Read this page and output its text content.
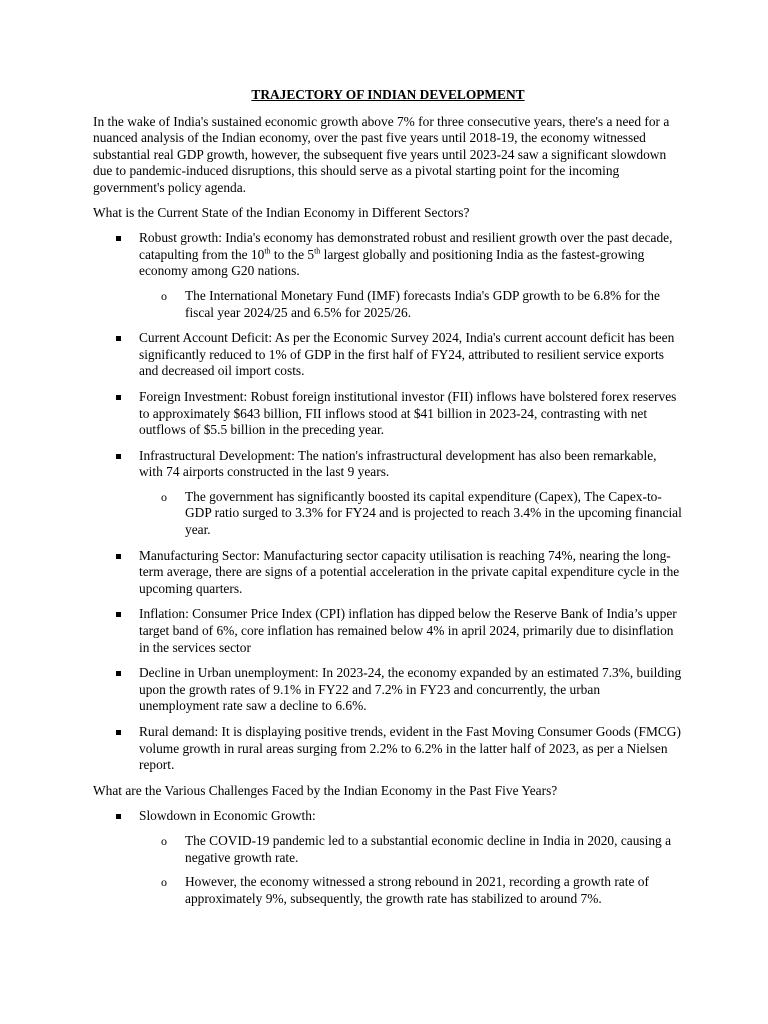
TRAJECTORY OF INDIAN DEVELOPMENT

In the wake of India's sustained economic growth above 7% for three consecutive years, there's a need for a nuanced analysis of the Indian economy, over the past five years until 2018-19, the economy witnessed substantial real GDP growth, however, the subsequent five years until 2023-24 saw a significant slowdown due to pandemic-induced disruptions, this should serve as a pivotal starting point for the incoming government's policy agenda.

What is the Current State of the Indian Economy in Different Sectors?

Robust growth: India's economy has demonstrated robust and resilient growth over the past decade, catapulting from the 10th to the 5th largest globally and positioning India as the fastest-growing economy among G20 nations.
o The International Monetary Fund (IMF) forecasts India's GDP growth to be 6.8% for the fiscal year 2024/25 and 6.5% for 2025/26.
Current Account Deficit: As per the Economic Survey 2024, India's current account deficit has been significantly reduced to 1% of GDP in the first half of FY24, attributed to resilient service exports and decreased oil import costs.
Foreign Investment: Robust foreign institutional investor (FII) inflows have bolstered forex reserves to approximately $643 billion, FII inflows stood at $41 billion in 2023-24, contrasting with net outflows of $5.5 billion in the preceding year.
Infrastructural Development: The nation's infrastructural development has also been remarkable, with 74 airports constructed in the last 9 years.
o The government has significantly boosted its capital expenditure (Capex), The Capex-to-GDP ratio surged to 3.3% for FY24 and is projected to reach 3.4% in the upcoming financial year.
Manufacturing Sector: Manufacturing sector capacity utilisation is reaching 74%, nearing the long-term average, there are signs of a potential acceleration in the private capital expenditure cycle in the upcoming quarters.
Inflation: Consumer Price Index (CPI) inflation has dipped below the Reserve Bank of India’s upper target band of 6%, core inflation has remained below 4% in april 2024, primarily due to disinflation in the services sector
Decline in Urban unemployment: In 2023-24, the economy expanded by an estimated 7.3%, building upon the growth rates of 9.1% in FY22 and 7.2% in FY23 and concurrently, the urban unemployment rate saw a decline to 6.6%.
Rural demand: It is displaying positive trends, evident in the Fast Moving Consumer Goods (FMCG) volume growth in rural areas surging from 2.2% to 6.2% in the latter half of 2023, as per a Nielsen report.

What are the Various Challenges Faced by the Indian Economy in the Past Five Years?

Slowdown in Economic Growth:
o The COVID-19 pandemic led to a substantial economic decline in India in 2020, causing a negative growth rate.
o However, the economy witnessed a strong rebound in 2021, recording a growth rate of approximately 9%, subsequently, the growth rate has stabilized to around 7%.
